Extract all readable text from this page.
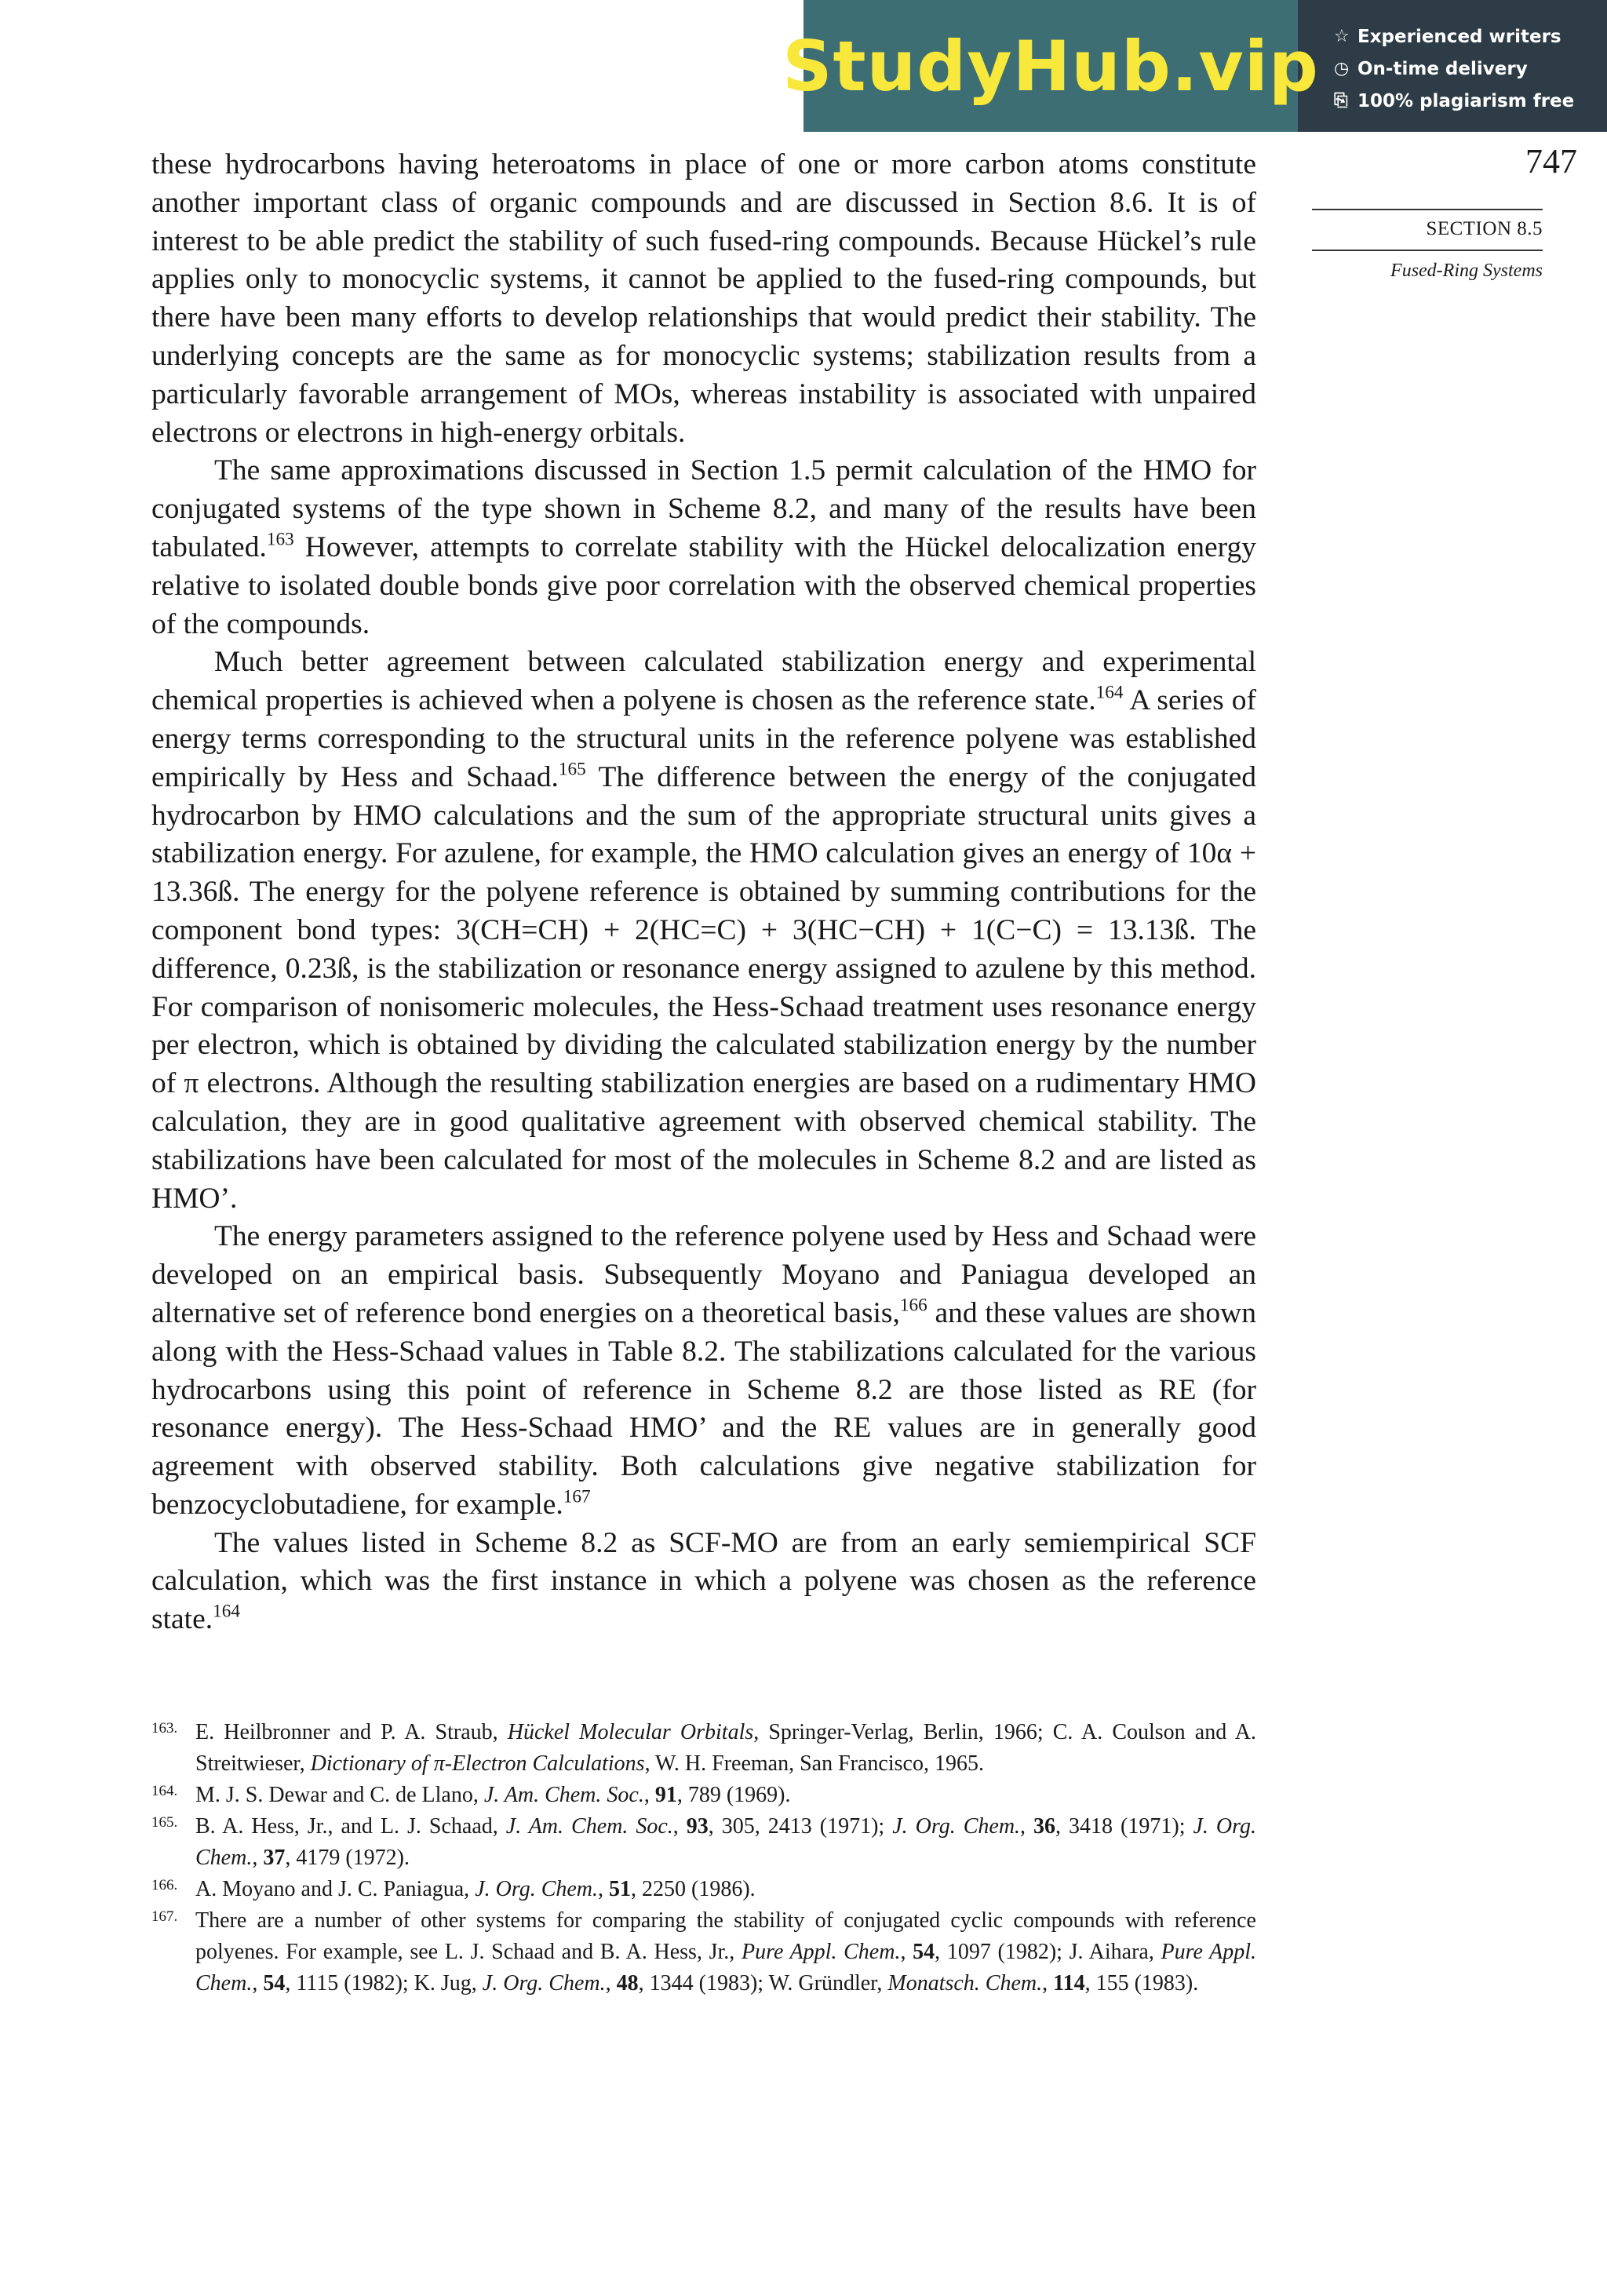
StudyHub.vip ☆ Experienced writers
◷ On-time delivery
⎘ 100% plagiarism free
747
SECTION 8.5
Fused-Ring Systems

these hydrocarbons having heteroatoms in place of one or more carbon atoms constitute another important class of organic compounds and are discussed in Section 8.6. It is of interest to be able predict the stability of such fused-ring compounds. Because Hückel’s rule applies only to monocyclic systems, it cannot be applied to the fused-ring compounds, but there have been many efforts to develop relationships that would predict their stability. The underlying concepts are the same as for monocyclic systems; stabilization results from a particularly favorable arrangement of MOs, whereas instability is associated with unpaired electrons or electrons in high-energy orbitals.

The same approximations discussed in Section 1.5 permit calculation of the HMO for conjugated systems of the type shown in Scheme 8.2, and many of the results have been tabulated.$^{163}$ However, attempts to correlate stability with the Hückel delocalization energy relative to isolated double bonds give poor correlation with the observed chemical properties of the compounds.

Much better agreement between calculated stabilization energy and experimental chemical properties is achieved when a polyene is chosen as the reference state.$^{164}$ A series of energy terms corresponding to the structural units in the reference polyene was established empirically by Hess and Schaad.$^{165}$ The difference between the energy of the conjugated hydrocarbon by HMO calculations and the sum of the appropriate structural units gives a stabilization energy. For azulene, for example, the HMO calculation gives an energy of 10α + 13.36ß. The energy for the polyene reference is obtained by summing contributions for the component bond types: 3(CH=CH) + 2(HC=C) + 3(HC−CH) + 1(C−C) = 13.13ß. The difference, 0.23ß, is the stabilization or resonance energy assigned to azulene by this method. For comparison of nonisomeric molecules, the Hess-Schaad treatment uses resonance energy per electron, which is obtained by dividing the calculated stabilization energy by the number of π electrons. Although the resulting stabilization energies are based on a rudimentary HMO calculation, they are in good qualitative agreement with observed chemical stability. The stabilizations have been calculated for most of the molecules in Scheme 8.2 and are listed as HMO’.

The energy parameters assigned to the reference polyene used by Hess and Schaad were developed on an empirical basis. Subsequently Moyano and Paniagua developed an alternative set of reference bond energies on a theoretical basis,$^{166}$ and these values are shown along with the Hess-Schaad values in Table 8.2. The stabilizations calculated for the various hydrocarbons using this point of reference in Scheme 8.2 are those listed as RE (for resonance energy). The Hess-Schaad HMO’ and the RE values are in generally good agreement with observed stability. Both calculations give negative stabilization for benzocyclobutadiene, for example.$^{167}$

The values listed in Scheme 8.2 as SCF-MO are from an early semiempirical SCF calculation, which was the first instance in which a polyene was chosen as the reference state.$^{164}$

163. E. Heilbronner and P. A. Straub, Hückel Molecular Orbitals, Springer-Verlag, Berlin, 1966; C. A. Coulson and A. Streitwieser, Dictionary of π-Electron Calculations, W. H. Freeman, San Francisco, 1965.
164. M. J. S. Dewar and C. de Llano, J. Am. Chem. Soc., 91, 789 (1969).
165. B. A. Hess, Jr., and L. J. Schaad, J. Am. Chem. Soc., 93, 305, 2413 (1971); J. Org. Chem., 36, 3418 (1971); J. Org. Chem., 37, 4179 (1972).
166. A. Moyano and J. C. Paniagua, J. Org. Chem., 51, 2250 (1986).
167. There are a number of other systems for comparing the stability of conjugated cyclic compounds with reference polyenes. For example, see L. J. Schaad and B. A. Hess, Jr., Pure Appl. Chem., 54, 1097 (1982); J. Aihara, Pure Appl. Chem., 54, 1115 (1982); K. Jug, J. Org. Chem., 48, 1344 (1983); W. Gründler, Monatsch. Chem., 114, 155 (1983).
